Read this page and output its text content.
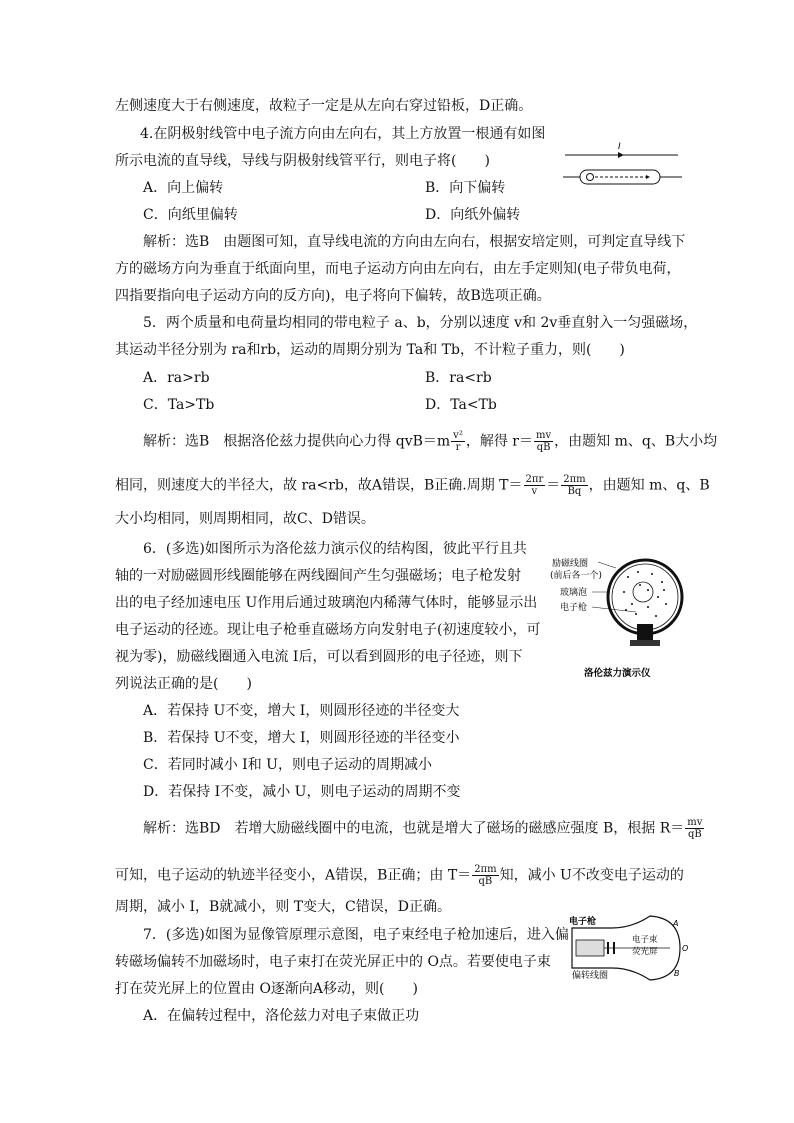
左侧速度大于右侧速度，故粒子一定是从左向右穿过铅板，D正确。
4.在阴极射线管中电子流方向由左向右，其上方放置一根通有如图
所示电流的直导线，导线与阴极射线管平行，则电子将(　　)
A．向上偏转	B．向下偏转
C．向纸里偏转	D．向纸外偏转
I
解析：选B　由题图可知，直导线电流的方向由左向右，根据安培定则，可判定直导线下
方的磁场方向为垂直于纸面向里，而电子运动方向由左向右，由左手定则知(电子带负电荷，
四指要指向电子运动方向的反方向)，电子将向下偏转，故B选项正确。
5．两个质量和电荷量均相同的带电粒子 a、b，分别以速度 v和 2v垂直射入一匀强磁场，
其运动半径分别为 ra和rb，运动的周期分别为 Ta和 Tb，不计粒子重力，则(　　)
A．ra>rb	B．ra<rb
C．Ta>Tb	D．Ta<Tb
解析：选B　根据洛伦兹力提供向心力得 $qvB=m \frac{\text{v²}}{r}$ ，解得 $r= \frac{mv}{qB}$ ，由题知 m、q、B大小均
相同，则速度大的半径大，故 ra<rb，故A错误，B正确.周期 $T= \frac{2\pi r}{v} = \frac{2\pi m}{Bq}$ ，由题知 m、q、B
大小均相同，则周期相同，故C、D错误。
6．(多选)如图所示为洛伦兹力演示仪的结构图，彼此平行且共
轴的一对励磁圆形线圈能够在两线圈间产生匀强磁场；电子枪发射
出的电子经加速电压 U作用后通过玻璃泡内稀薄气体时，能够显示出
电子运动的径迹。现让电子枪垂直磁场方向发射电子(初速度较小，可
视为零)，励磁线圈通入电流 I后，可以看到圆形的电子径迹，则下
列说法正确的是(　　)
A．若保持 U不变，增大 I，则圆形径迹的半径变大
B．若保持 U不变，增大 I，则圆形径迹的半径变小
C．若同时减小 I和 U，则电子运动的周期减小
D．若保持 I不变，减小 U，则电子运动的周期不变
励磁线圈
(前后各一个)
玻璃泡
电子枪
洛伦兹力演示仪
解析：选BD　若增大励磁线圈中的电流，也就是增大了磁场的磁感应强度 B，根据 $R= \frac{mv}{qB}$
可知，电子运动的轨迹半径变小，A错误，B正确；由 $T= \frac{2\pi m}{qB}$ 知，减小 U不改变电子运动的
周期，减小 I，B就减小，则 T变大，C错误，D正确。
7．(多选)如图为显像管原理示意图，电子束经电子枪加速后，进入偏
转磁场偏转不加磁场时，电子束打在荧光屏正中的 O点。若要使电子束
打在荧光屏上的位置由 O逐渐向A移动，则(　　)
A．在偏转过程中，洛伦兹力对电子束做正功
电子枪
电子束
荧光屏
偏转线圈
A
O
B
